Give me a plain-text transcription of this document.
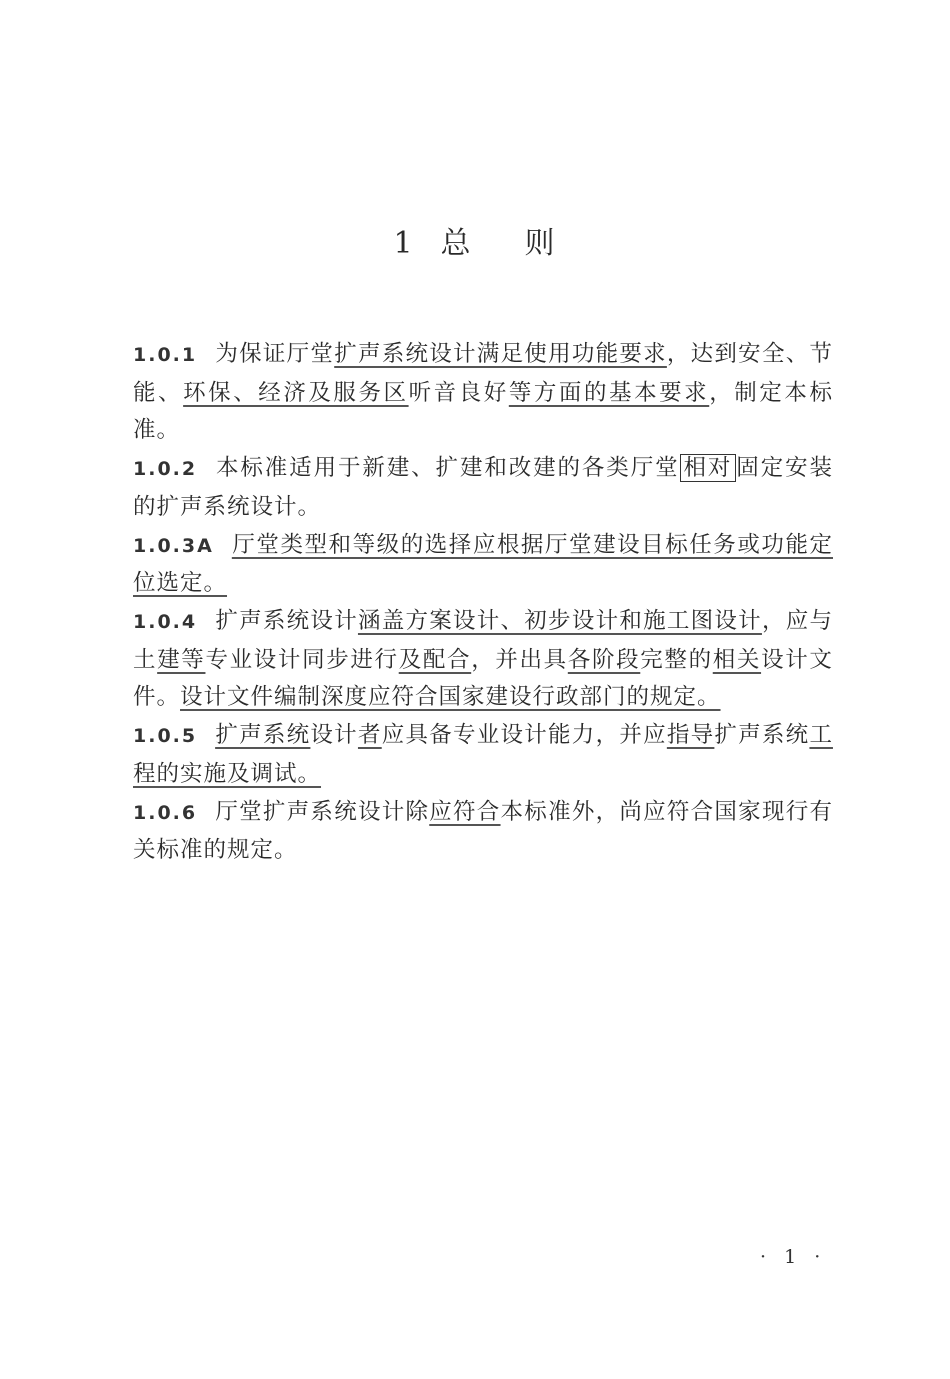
1 总 则

1.0.1 为保证厅堂扩声系统设计满足使用功能要求，达到安全、节能、环保、经济及服务区听音良好等方面的基本要求，制定本标准。

1.0.2 本标准适用于新建、扩建和改建的各类厅堂 相对 固定安装的扩声系统设计。

1.0.3A 厅堂类型和等级的选择应根据厅堂建设目标任务或功能定位选定。

1.0.4 扩声系统设计涵盖方案设计、初步设计和施工图设计，应与土建等专业设计同步进行及配合，并出具各阶段完整的相关设计文件。设计文件编制深度应符合国家建设行政部门的规定。

1.0.5 扩声系统设计者应具备专业设计能力，并应指导扩声系统工程的实施及调试。

1.0.6 厅堂扩声系统设计除应符合本标准外，尚应符合国家现行有关标准的规定。

· 1 ·
